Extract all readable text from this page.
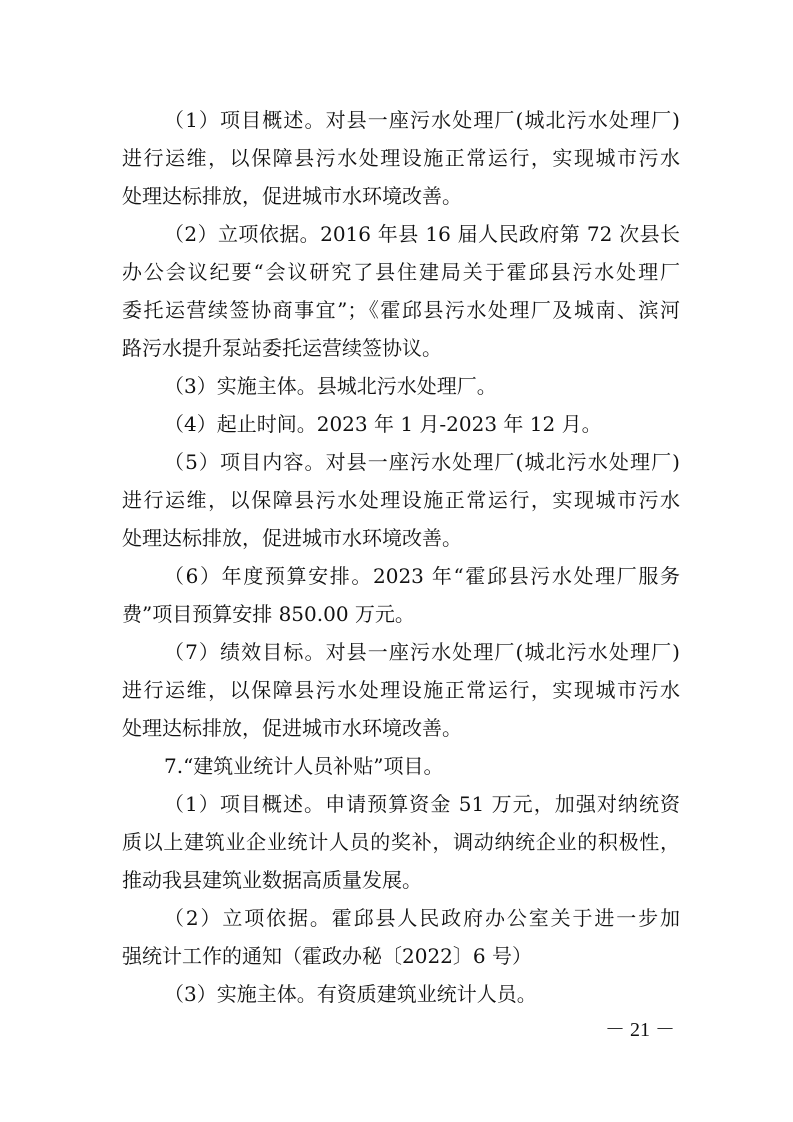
（1）项目概述。对县一座污水处理厂(城北污水处理厂)
进行运维，以保障县污水处理设施正常运行，实现城市污水
处理达标排放，促进城市水环境改善。
（2）立项依据。2016 年县 16 届人民政府第 72 次县长
办公会议纪要“会议研究了县住建局关于霍邱县污水处理厂
委托运营续签协商事宜”；《霍邱县污水处理厂及城南、滨河
路污水提升泵站委托运营续签协议。
（3）实施主体。县城北污水处理厂。
（4）起止时间。2023 年 1 月-2023 年 12 月。
（5）项目内容。对县一座污水处理厂(城北污水处理厂)
进行运维，以保障县污水处理设施正常运行，实现城市污水
处理达标排放，促进城市水环境改善。
（6）年度预算安排。2023 年“霍邱县污水处理厂服务
费”项目预算安排 850.00 万元。
（7）绩效目标。对县一座污水处理厂(城北污水处理厂)
进行运维，以保障县污水处理设施正常运行，实现城市污水
处理达标排放，促进城市水环境改善。
7.“建筑业统计人员补贴”项目。
（1）项目概述。申请预算资金 51 万元，加强对纳统资
质以上建筑业企业统计人员的奖补，调动纳统企业的积极性，
推动我县建筑业数据高质量发展。
（2）立项依据。霍邱县人民政府办公室关于进一步加
强统计工作的通知（霍政办秘〔2022〕6 号）
（3）实施主体。有资质建筑业统计人员。
－ 21 －
